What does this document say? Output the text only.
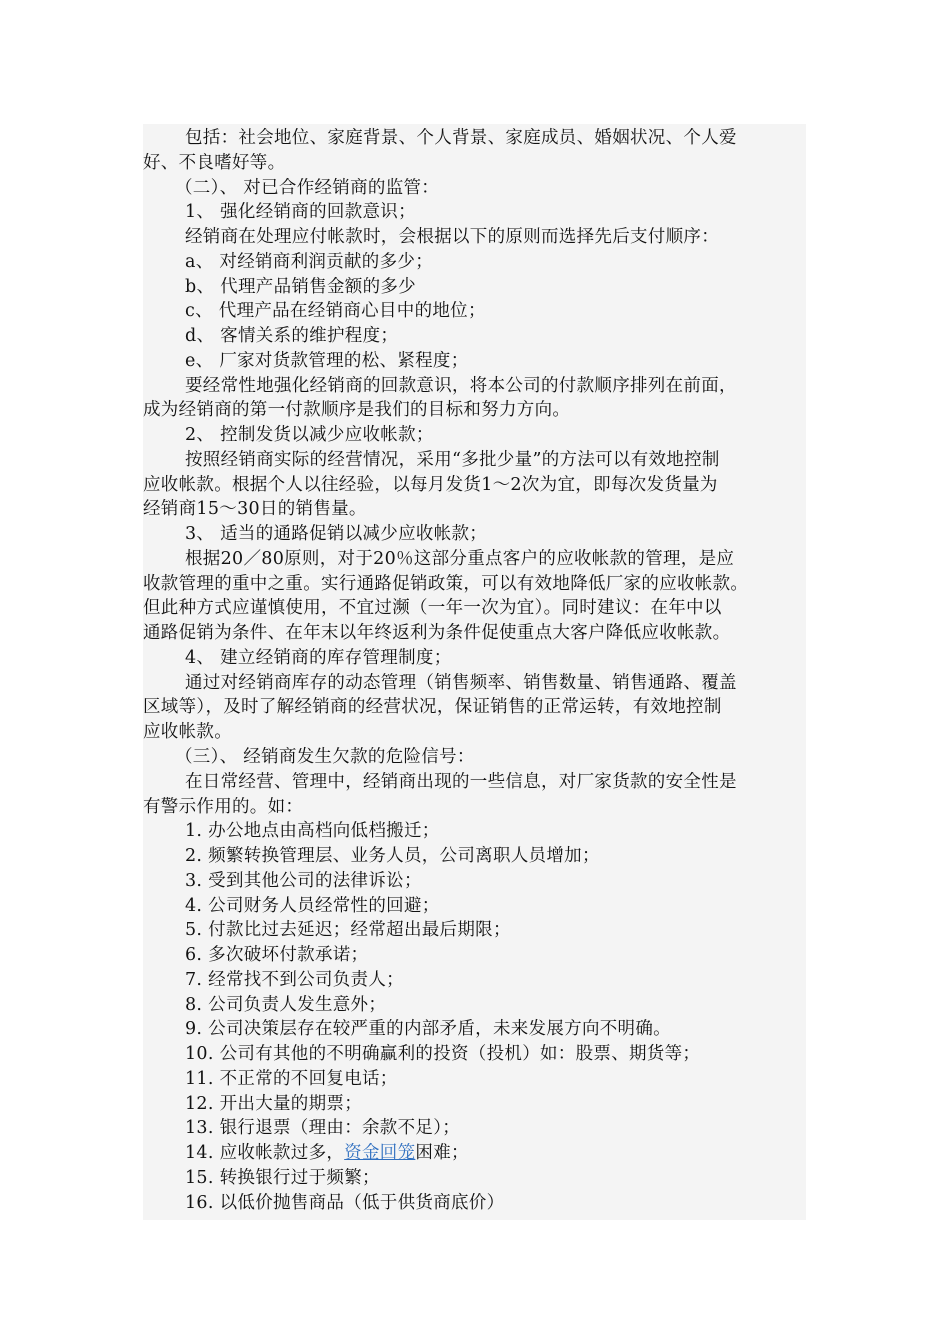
包括：社会地位、家庭背景、个人背景、家庭成员、婚姻状况、个人爱
好、不良嗜好等。
（二）、 对已合作经销商的监管：
1、 强化经销商的回款意识；
经销商在处理应付帐款时，会根据以下的原则而选择先后支付顺序：
a、 对经销商利润贡献的多少；
b、 代理产品销售金额的多少
c、 代理产品在经销商心目中的地位；
d、 客情关系的维护程度；
e、 厂家对货款管理的松、紧程度；
要经常性地强化经销商的回款意识，将本公司的付款顺序排列在前面，
成为经销商的第一付款顺序是我们的目标和努力方向。
2、 控制发货以减少应收帐款；
按照经销商实际的经营情况，采用“多批少量”的方法可以有效地控制
应收帐款。根据个人以往经验，以每月发货1～2次为宜，即每次发货量为
经销商15～30日的销售量。
3、 适当的通路促销以减少应收帐款；
根据20／80原则，对于20％这部分重点客户的应收帐款的管理，是应
收款管理的重中之重。实行通路促销政策，可以有效地降低厂家的应收帐款。
但此种方式应谨慎使用，不宜过濒（一年一次为宜）。同时建议：在年中以
通路促销为条件、在年末以年终返利为条件促使重点大客户降低应收帐款。
4、 建立经销商的库存管理制度；
通过对经销商库存的动态管理（销售频率、销售数量、销售通路、覆盖
区域等），及时了解经销商的经营状况，保证销售的正常运转，有效地控制
应收帐款。
（三）、 经销商发生欠款的危险信号：
在日常经营、管理中，经销商出现的一些信息，对厂家货款的安全性是
有警示作用的。如：
1. 办公地点由高档向低档搬迁；
2. 频繁转换管理层、业务人员，公司离职人员增加；
3. 受到其他公司的法律诉讼；
4. 公司财务人员经常性的回避；
5. 付款比过去延迟；经常超出最后期限；
6. 多次破坏付款承诺；
7. 经常找不到公司负责人；
8. 公司负责人发生意外；
9. 公司决策层存在较严重的内部矛盾，未来发展方向不明确。
10. 公司有其他的不明确赢利的投资（投机）如：股票、期货等；
11. 不正常的不回复电话；
12. 开出大量的期票；
13. 银行退票（理由：余款不足）；
14. 应收帐款过多，资金回笼困难；
15. 转换银行过于频繁；
16. 以低价抛售商品（低于供货商底价）
